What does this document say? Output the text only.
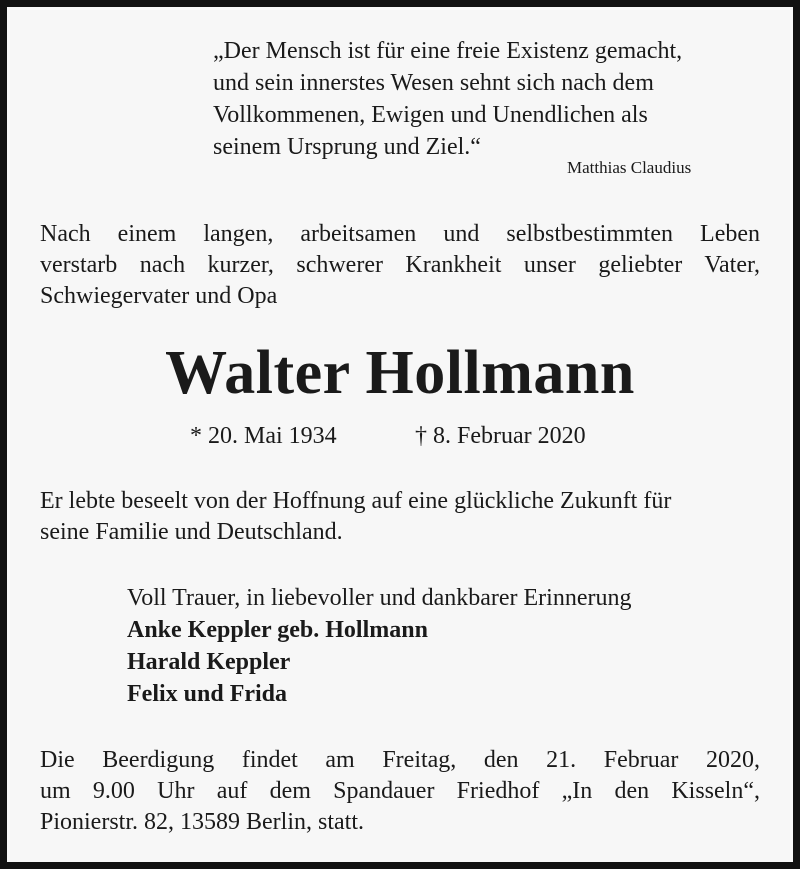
„Der Mensch ist für eine freie Existenz gemacht,
und sein innerstes Wesen sehnt sich nach dem
Vollkommenen, Ewigen und Unendlichen als
seinem Ursprung und Ziel.“
Matthias Claudius
Nach einem langen, arbeitsamen und selbstbestimmten Leben
verstarb nach kurzer, schwerer Krankheit unser geliebter Vater,
Schwiegervater und Opa
Walter Hollmann
* 20. Mai 1934	† 8. Februar 2020
Er lebte beseelt von der Hoffnung auf eine glückliche Zukunft für
seine Familie und Deutschland.
Voll Trauer, in liebevoller und dankbarer Erinnerung
Anke Keppler geb. Hollmann
Harald Keppler
Felix und Frida
Die Beerdigung findet am Freitag, den 21. Februar 2020,
um 9.00 Uhr auf dem Spandauer Friedhof „In den Kisseln“,
Pionierstr. 82, 13589 Berlin, statt.
